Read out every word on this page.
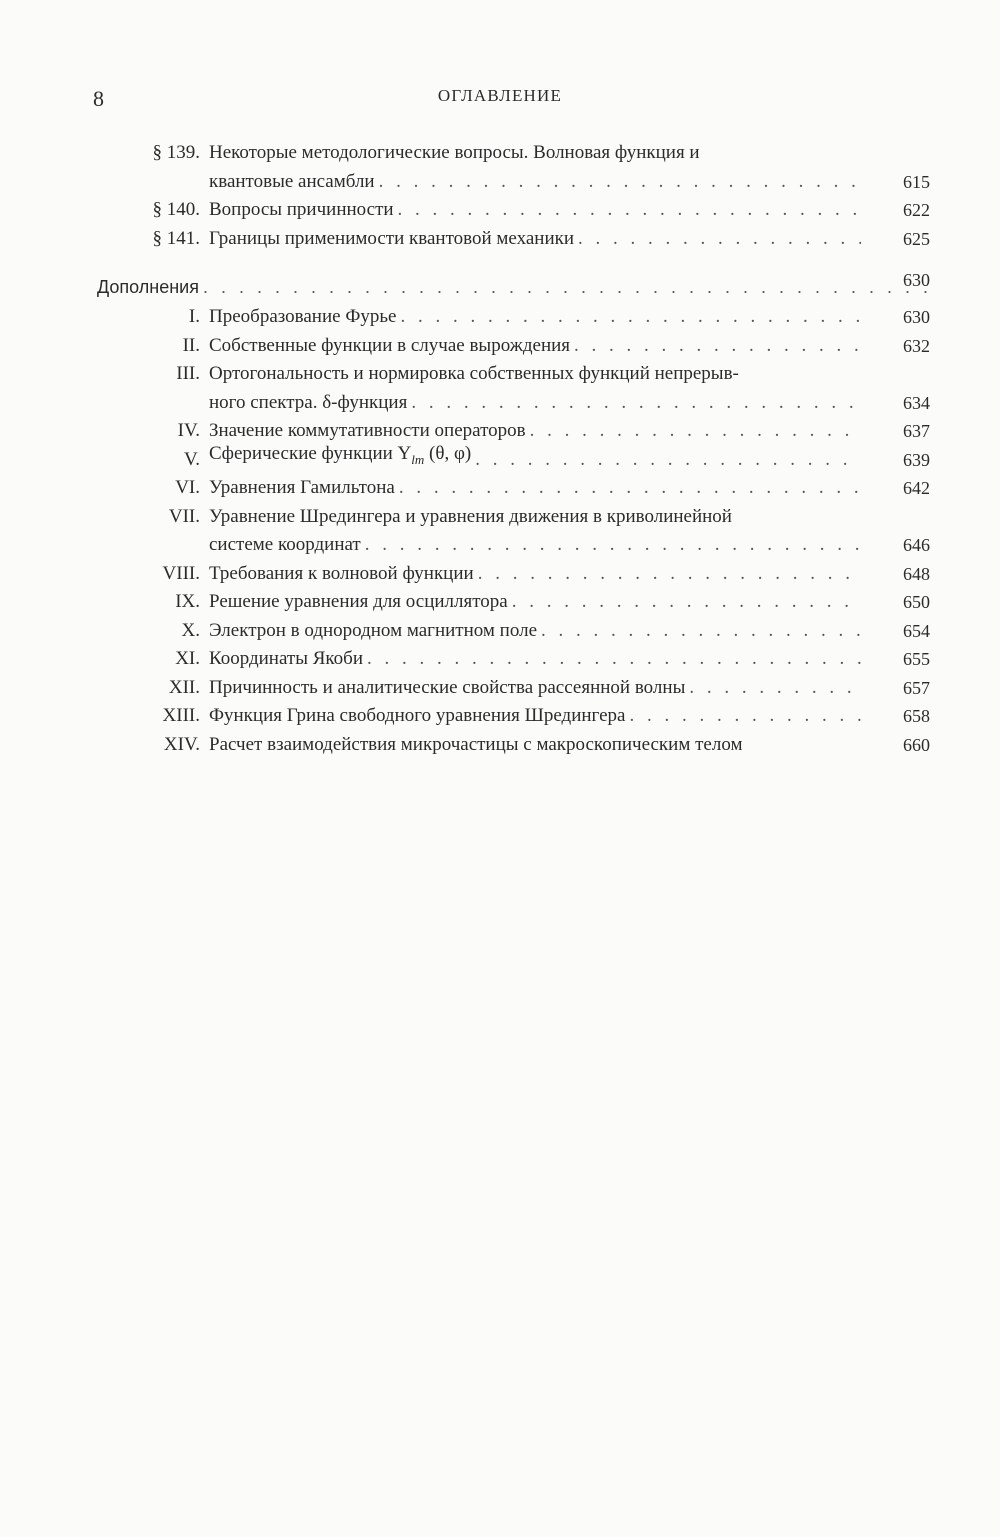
8	ОГЛАВЛЕНИЕ
§ 139. Некоторые методологические вопросы. Волновая функция и
квантовые ансамбли . . .	615
§ 140. Вопросы причинности . . .	622
§ 141. Границы применимости квантовой механики . . .	625
Дополнения . . .	630
I. Преобразование Фурье . . .	630
II. Собственные функции в случае вырождения . . .	632
III. Ортогональность и нормировка собственных функций непрерыв-
ного спектра. δ-функция . . .	634
IV. Значение коммутативности операторов . . .	637
V. Сферические функции $Y_{lm}$ (θ, φ) . . .	639
VI. Уравнения Гамильтона . . .	642
VII. Уравнение Шредингера и уравнения движения в криволинейной
системе координат . . .	646
VIII. Требования к волновой функции . . .	648
IX. Решение уравнения для осциллятора . . .	650
X. Электрон в однородном магнитном поле . . .	654
XI. Координаты Якоби . . .	655
XII. Причинность и аналитические свойства рассеянной волны . . .	657
XIII. Функция Грина свободного уравнения Шредингера . . .	658
XIV. Расчет взаимодействия микрочастицы с макроскопическим телом	660
